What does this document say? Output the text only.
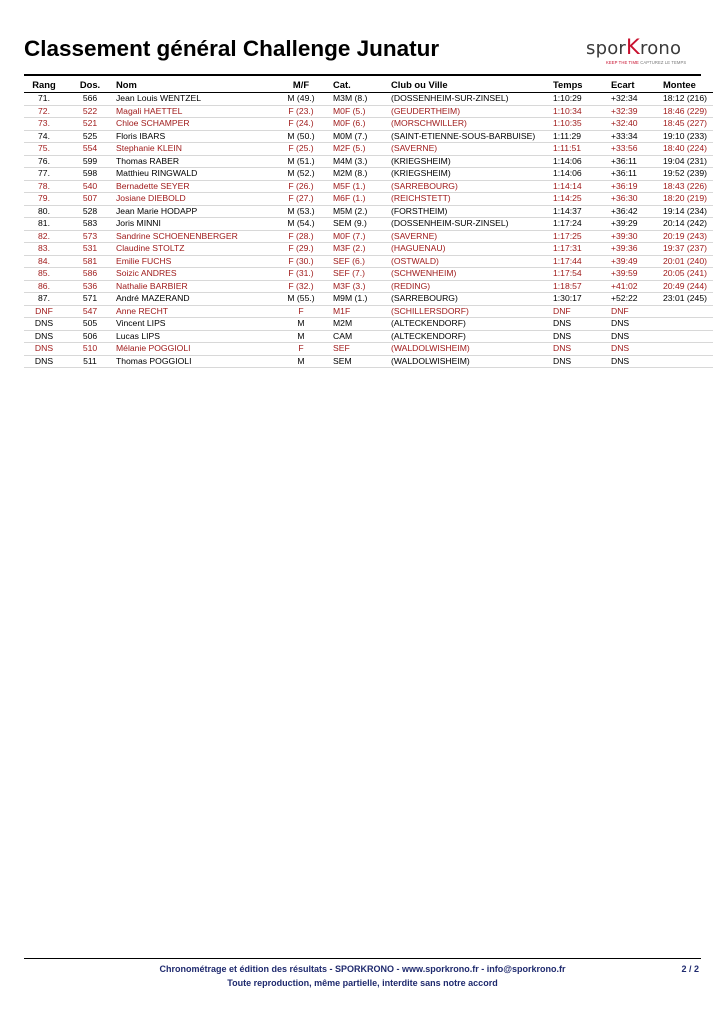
Classement général Challenge Junatur	sporKrono
KEEP THE TIME CAPTUREZ LE TEMPS
Rang	Dos.	Nom	M/F	Cat.	Club ou Ville	Temps	Ecart	Montee
71.	566	Jean Louis WENTZEL	M (49.)	M3M (8.)	(DOSSENHEIM-SUR-ZINSEL)	1:10:29	+32:34	18:12 (216)
72.	522	Magali HAETTEL	F (23.)	M0F (5.)	(GEUDERTHEIM)	1:10:34	+32:39	18:46 (229)
73.	521	Chloe SCHAMPER	F (24.)	M0F (6.)	(MORSCHWILLER)	1:10:35	+32:40	18:45 (227)
74.	525	Floris IBARS	M (50.)	M0M (7.)	(SAINT-ETIENNE-SOUS-BARBUISE)	1:11:29	+33:34	19:10 (233)
75.	554	Stephanie KLEIN	F (25.)	M2F (5.)	(SAVERNE)	1:11:51	+33:56	18:40 (224)
76.	599	Thomas RABER	M (51.)	M4M (3.)	(KRIEGSHEIM)	1:14:06	+36:11	19:04 (231)
77.	598	Matthieu RINGWALD	M (52.)	M2M (8.)	(KRIEGSHEIM)	1:14:06	+36:11	19:52 (239)
78.	540	Bernadette SEYER	F (26.)	M5F (1.)	(SARREBOURG)	1:14:14	+36:19	18:43 (226)
79.	507	Josiane DIEBOLD	F (27.)	M6F (1.)	(REICHSTETT)	1:14:25	+36:30	18:20 (219)
80.	528	Jean Marie HODAPP	M (53.)	M5M (2.)	(FORSTHEIM)	1:14:37	+36:42	19:14 (234)
81.	583	Joris MINNI	M (54.)	SEM (9.)	(DOSSENHEIM-SUR-ZINSEL)	1:17:24	+39:29	20:14 (242)
82.	573	Sandrine SCHOENENBERGER	F (28.)	M0F (7.)	(SAVERNE)	1:17:25	+39:30	20:19 (243)
83.	531	Claudine STOLTZ	F (29.)	M3F (2.)	(HAGUENAU)	1:17:31	+39:36	19:37 (237)
84.	581	Emilie FUCHS	F (30.)	SEF (6.)	(OSTWALD)	1:17:44	+39:49	20:01 (240)
85.	586	Soizic ANDRES	F (31.)	SEF (7.)	(SCHWENHEIM)	1:17:54	+39:59	20:05 (241)
86.	536	Nathalie BARBIER	F (32.)	M3F (3.)	(REDING)	1:18:57	+41:02	20:49 (244)
87.	571	André MAZERAND	M (55.)	M9M (1.)	(SARREBOURG)	1:30:17	+52:22	23:01 (245)
DNF	547	Anne RECHT	F	M1F	(SCHILLERSDORF)	DNF	DNF	
DNS	505	Vincent LIPS	M	M2M	(ALTECKENDORF)	DNS	DNS	
DNS	506	Lucas LIPS	M	CAM	(ALTECKENDORF)	DNS	DNS	
DNS	510	Mélanie POGGIOLI	F	SEF	(WALDOLWISHEIM)	DNS	DNS	
DNS	511	Thomas POGGIOLI	M	SEM	(WALDOLWISHEIM)	DNS	DNS	
Chronométrage et édition des résultats - SPORKRONO - www.sporkrono.fr - info@sporkrono.fr
Toute reproduction, même partielle, interdite sans notre accord
2 / 2
